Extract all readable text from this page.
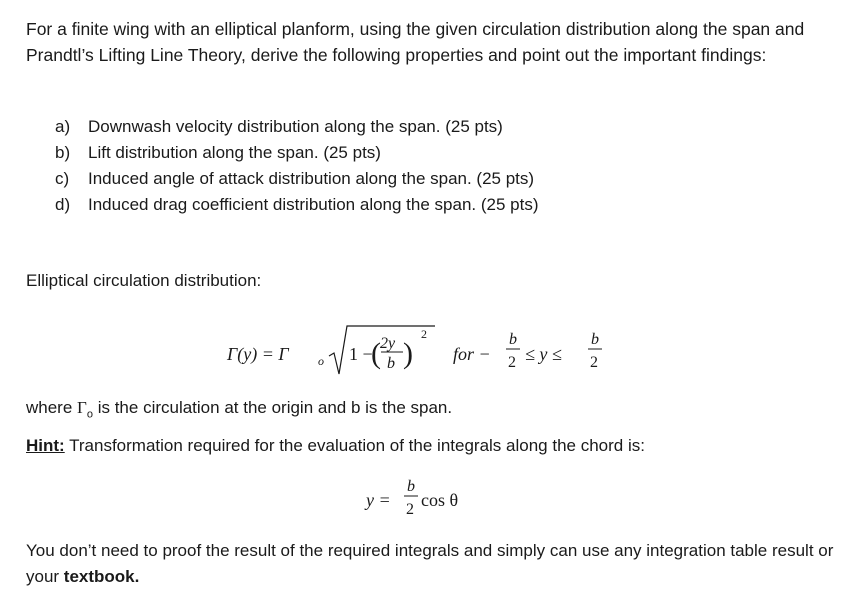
For a finite wing with an elliptical planform, using the given circulation distribution along the span and Prandtl’s Lifting Line Theory, derive the following properties and point out the important findings:

a)	Downwash velocity distribution along the span. (25 pts)
b)	Lift distribution along the span. (25 pts)
c)	Induced angle of attack distribution along the span. (25 pts)
d)	Induced drag coefficient distribution along the span. (25 pts)

Elliptical circulation distribution:

Γ(y) = Γ o 1 −
( 2y
b )
2
for −
b
2 ≤ y ≤
b
2

where $\Gamma_o$ is the circulation at the origin and b is the span.

Hint: Transformation required for the evaluation of the integrals along the chord is:

y =
b
2 cos θ

You don’t need to proof the result of the required integrals and simply can use any integration table result or your textbook.
